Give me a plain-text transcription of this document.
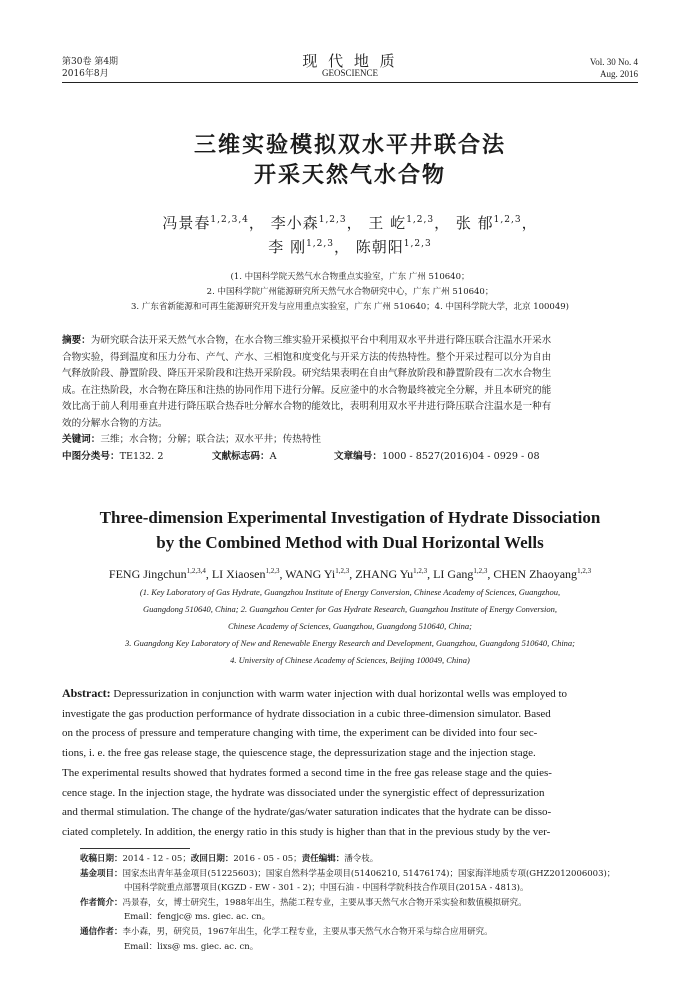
第30卷 第4期
2016年8月
现 代 地 质
GEOSCIENCE
Vol. 30 No. 4
Aug. 2016
三维实验模拟双水平井联合法
开采天然气水合物
冯景春$^{1,2,3,4}$， 李小森$^{1,2,3}$， 王 屹$^{1,2,3}$， 张 郁$^{1,2,3}$，
李 刚$^{1,2,3}$， 陈朝阳$^{1,2,3}$
(1. 中国科学院天然气水合物重点实验室，广东 广州 510640；
2. 中国科学院广州能源研究所天然气水合物研究中心，广东 广州 510640；
3. 广东省新能源和可再生能源研究开发与应用重点实验室，广东 广州 510640；4. 中国科学院大学，北京 100049)
摘要：为研究联合法开采天然气水合物，在水合物三维实验开采模拟平台中利用双水平井进行降压联合注温水开采水
合物实验，得到温度和压力分布、产气、产水、三相饱和度变化与开采方法的传热特性。整个开采过程可以分为自由
气释放阶段、静置阶段、降压开采阶段和注热开采阶段。研究结果表明在自由气释放阶段和静置阶段有二次水合物生
成。在注热阶段，水合物在降压和注热的协同作用下进行分解。反应釜中的水合物最终被完全分解，并且本研究的能
效比高于前人利用垂直井进行降压联合热吞吐分解水合物的能效比，表明利用双水平井进行降压联合注温水是一种有
效的分解水合物的方法。
关键词：三维；水合物；分解；联合法；双水平井；传热特性
中图分类号：TE132. 2	文献标志码：A	文章编号：1000 - 8527(2016)04 - 0929 - 08
Three-dimension Experimental Investigation of Hydrate Dissociation
by the Combined Method with Dual Horizontal Wells
FENG Jingchun$^{1,2,3,4}$, LI Xiaosen$^{1,2,3}$, WANG Yi$^{1,2,3}$, ZHANG Yu$^{1,2,3}$, LI Gang$^{1,2,3}$, CHEN Zhaoyang$^{1,2,3}$
(1. Key Laboratory of Gas Hydrate, Guangzhou Institute of Energy Conversion, Chinese Academy of Sciences, Guangzhou,
Guangdong 510640, China; 2. Guangzhou Center for Gas Hydrate Research, Guangzhou Institute of Energy Conversion,
Chinese Academy of Sciences, Guangzhou, Guangdong 510640, China;
3. Guangdong Key Laboratory of New and Renewable Energy Research and Development, Guangzhou, Guangdong 510640, China;
4. University of Chinese Academy of Sciences, Beijing 100049, China)
Abstract: Depressurization in conjunction with warm water injection with dual horizontal wells was employed to
investigate the gas production performance of hydrate dissociation in a cubic three-dimension simulator. Based
on the process of pressure and temperature changing with time, the experiment can be divided into four sec-
tions, i. e. the free gas release stage, the quiescence stage, the depressurization stage and the injection stage.
The experimental results showed that hydrates formed a second time in the free gas release stage and the quies-
cence stage. In the injection stage, the hydrate was dissociated under the synergistic effect of depressurization
and thermal stimulation. The change of the hydrate/gas/water saturation indicates that the hydrate can be disso-
ciated completely. In addition, the energy ratio in this study is higher than that in the previous study by the ver-
收稿日期：2014 - 12 - 05；改回日期：2016 - 05 - 05；责任编辑：潘令枝。
基金项目：国家杰出青年基金项目(51225603)；国家自然科学基金项目(51406210, 51476174)；国家海洋地质专项(GHZ2012006003)；
中国科学院重点部署项目(KGZD - EW - 301 - 2)；中国石油 - 中国科学院科技合作项目(2015A - 4813)。
作者简介：冯景春，女，博士研究生，1988年出生，热能工程专业，主要从事天然气水合物开采实验和数值模拟研究。
Email：fengjc@ ms. giec. ac. cn。
通信作者：李小森，男，研究员，1967年出生，化学工程专业，主要从事天然气水合物开采与综合应用研究。
Email：lixs@ ms. giec. ac. cn。
